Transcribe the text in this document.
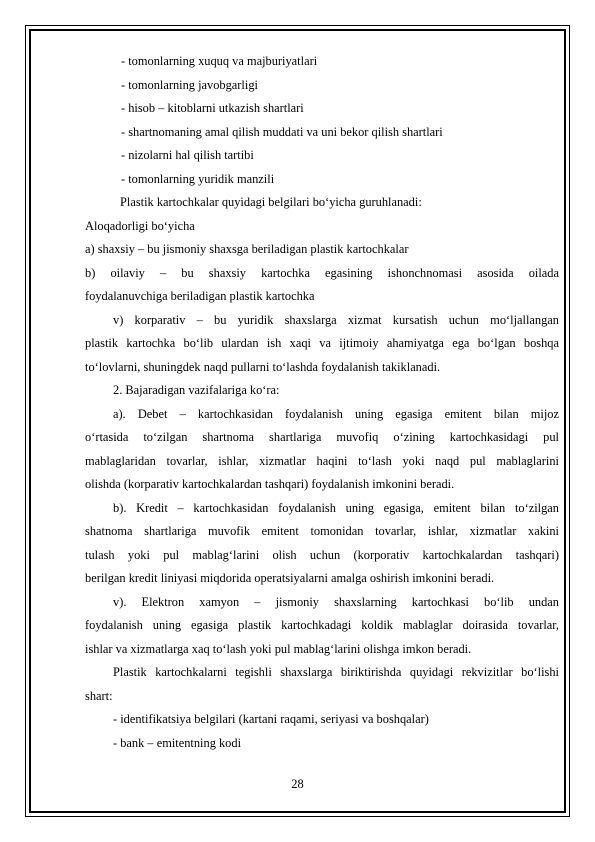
- tomonlarning xuquq va majburiyatlari
- tomonlarning javobgarligi
- hisob – kitoblarni utkazish shartlari
- shartnomaning amal qilish muddati va uni bekor qilish shartlari
- nizolarni hal qilish tartibi
- tomonlarning yuridik manzili
Plastik kartochkalar quyidagi belgilari bo‘yicha guruhlanadi:
Aloqadorligi bo‘yicha
a) shaxsiy – bu jismoniy shaxsga beriladigan plastik kartochkalar
b) oilaviy – bu shaxsiy kartochka egasining ishonchnomasi asosida oilada
foydalanuvchiga beriladigan plastik kartochka
v) korparativ – bu yuridik shaxslarga xizmat kursatish uchun mo‘ljallangan
plastik kartochka bo‘lib ulardan ish xaqi va ijtimoiy ahamiyatga ega bo‘lgan boshqa
to‘lovlarni, shuningdek naqd pullarni to‘lashda foydalanish takiklanadi.
2. Bajaradigan vazifalariga ko‘ra:
a). Debet – kartochkasidan foydalanish uning egasiga emitent bilan mijoz
o‘rtasida to‘zilgan shartnoma shartlariga muvofiq o‘zining kartochkasidagi pul
mablaglaridan tovarlar, ishlar, xizmatlar haqini to‘lash yoki naqd pul mablaglarini
olishda (korparativ kartochkalardan tashqari) foydalanish imkonini beradi.
b). Kredit – kartochkasidan foydalanish uning egasiga, emitent bilan to‘zilgan
shatnoma shartlariga muvofik emitent tomonidan tovarlar, ishlar, xizmatlar xakini
tulash yoki pul mablag‘larini olish uchun (korporativ kartochkalardan tashqari)
berilgan kredit liniyasi miqdorida operatsiyalarni amalga oshirish imkonini beradi.
v). Elektron xamyon – jismoniy shaxslarning kartochkasi bo‘lib undan
foydalanish uning egasiga plastik kartochkadagi koldik mablaglar doirasida tovarlar,
ishlar va xizmatlarga xaq to‘lash yoki pul mablag‘larini olishga imkon beradi.
Plastik kartochkalarni tegishli shaxslarga biriktirishda quyidagi rekvizitlar bo‘lishi
shart:
- identifikatsiya belgilari (kartani raqami, seriyasi va boshqalar)
- bank – emitentning kodi
28
